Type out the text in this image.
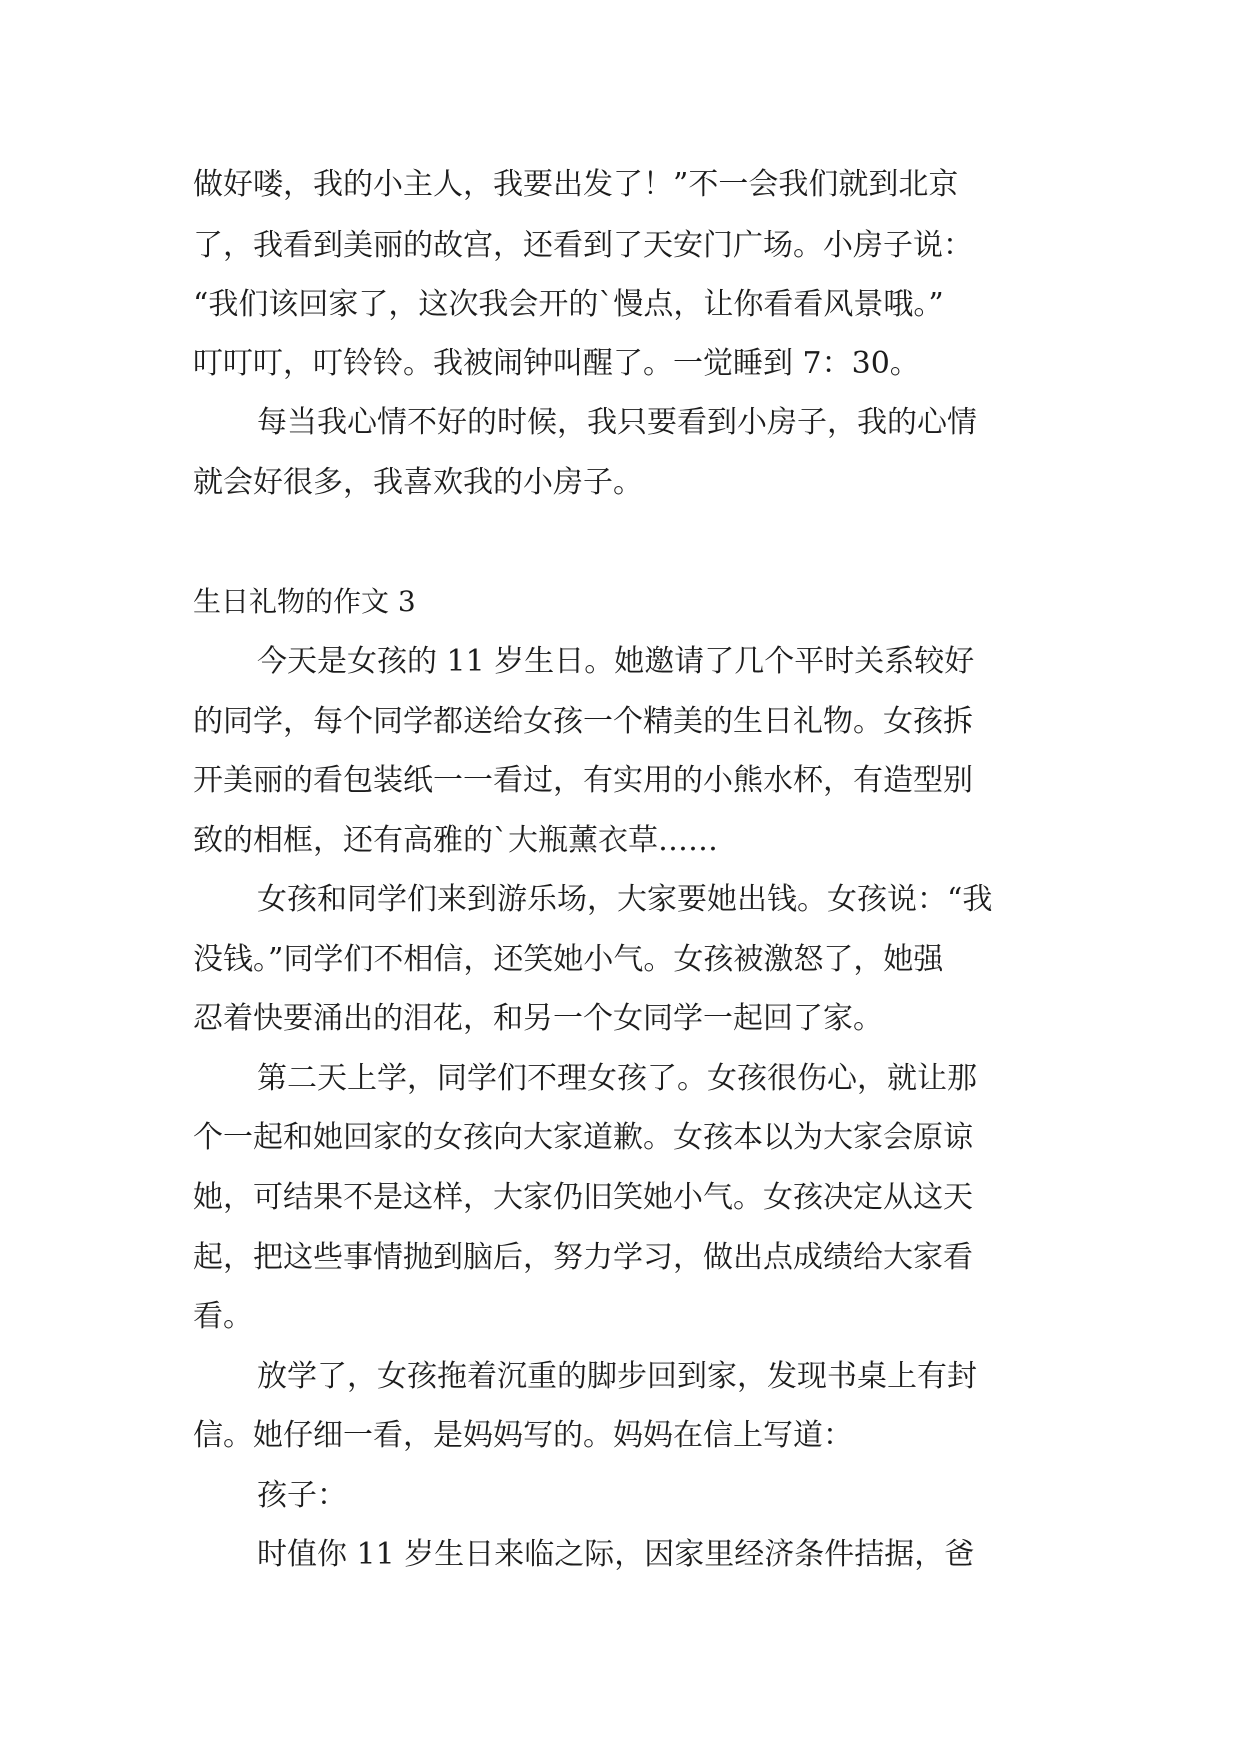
做好喽，我的小主人，我要出发了！”不一会我们就到北京
了，我看到美丽的故宫，还看到了天安门广场。小房子说：
“我们该回家了，这次我会开的`慢点，让你看看风景哦。”
叮叮叮，叮铃铃。我被闹钟叫醒了。一觉睡到 7：30。
每当我心情不好的时候，我只要看到小房子，我的心情
就会好很多，我喜欢我的小房子。
生日礼物的作文 3
今天是女孩的 11 岁生日。她邀请了几个平时关系较好
的同学，每个同学都送给女孩一个精美的生日礼物。女孩拆
开美丽的看包装纸一一看过，有实用的小熊水杯，有造型别
致的相框，还有高雅的`大瓶薰衣草……
女孩和同学们来到游乐场，大家要她出钱。女孩说：“我
没钱。”同学们不相信，还笑她小气。女孩被激怒了，她强
忍着快要涌出的泪花，和另一个女同学一起回了家。
第二天上学，同学们不理女孩了。女孩很伤心，就让那
个一起和她回家的女孩向大家道歉。女孩本以为大家会原谅
她，可结果不是这样，大家仍旧笑她小气。女孩决定从这天
起，把这些事情抛到脑后，努力学习，做出点成绩给大家看
看。
放学了，女孩拖着沉重的脚步回到家，发现书桌上有封
信。她仔细一看，是妈妈写的。妈妈在信上写道：
孩子：
时值你 11 岁生日来临之际，因家里经济条件拮据，爸
